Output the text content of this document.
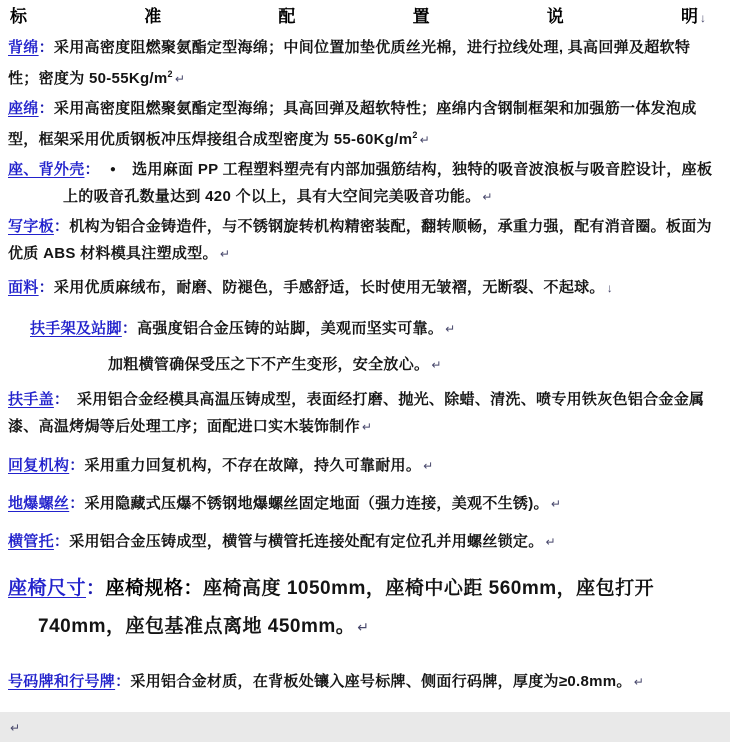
标	准	配	置	说	明 ↓
背绵：采用高密度阻燃聚氨酯定型海绵；中间位置加垫优质丝光棉，进行拉线处理, 具高回弹及超软特性；密度为 $50-55Kg/m^2$ ↵
座绵：采用高密度阻燃聚氨酯定型海绵；具高回弹及超软特性；座绵内含钢制框架和加强筋一体发泡成型，框架采用优质钢板冲压焊接组合成型密度为 $55-60Kg/m^2$ ↵
座、背外壳： ● 选用麻面 PP 工程塑料塑壳有内部加强筋结构，独特的吸音波浪板与吸音腔设计，座板上的吸音孔数量达到 420 个以上，具有大空间完美吸音功能。 ↵
写字板：机构为铝合金铸造件，与不锈钢旋转机构精密装配，翻转顺畅，承重力强，配有消音圈。板面为优质 ABS 材料模具注塑成型。 ↵
面料：采用优质麻绒布，耐磨、防褪色，手感舒适，长时使用无皱褶，无断裂、不起球。 ↓
扶手架及站脚：高强度铝合金压铸的站脚，美观而坚实可靠。 ↵
加粗横管确保受压之下不产生变形，安全放心。 ↵
扶手盖：　采用铝合金经模具高温压铸成型，表面经打磨、抛光、除蜡、清洗、喷专用铁灰色铝合金金属漆、高温烤焗等后处理工序；面配进口实木装饰制作 ↵
回复机构：采用重力回复机构，不存在故障，持久可靠耐用。 ↵
地爆螺丝：采用隐藏式压爆不锈钢地爆螺丝固定地面（强力连接，美观不生锈)。 ↵
横管托：采用铝合金压铸成型，横管与横管托连接处配有定位孔并用螺丝锁定。 ↵
座椅尺寸：座椅规格：座椅高度 1050mm，座椅中心距 560mm，座包打开 740mm，座包基准点离地 450mm。 ↵
号码牌和行号牌：采用铝合金材质，在背板处镶入座号标牌、侧面行码牌，厚度为≥0.8mm。 ↵
↵
